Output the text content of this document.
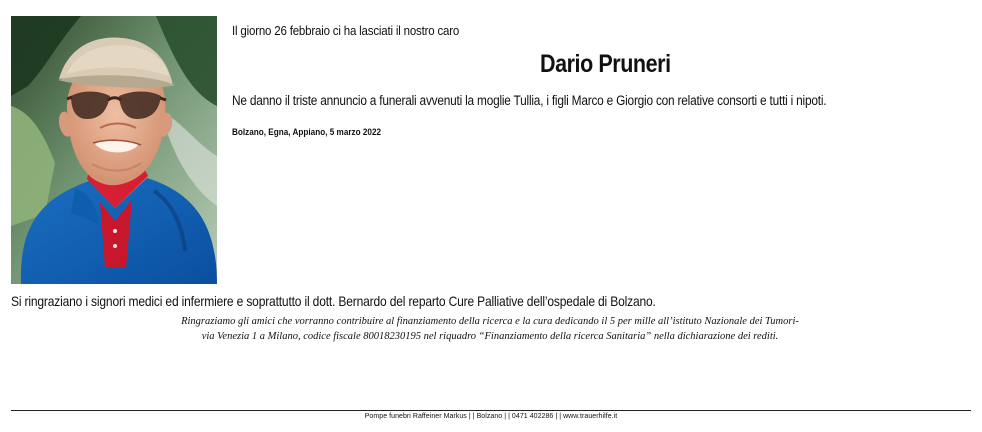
Il giorno 26 febbraio ci ha lasciati il nostro caro
Dario Pruneri
Ne danno il triste annuncio a funerali avvenuti la moglie Tullia, i figli Marco e Giorgio con relative consorti e tutti i nipoti.
Bolzano, Egna, Appiano, 5 marzo 2022
Si ringraziano i signori medici ed infermiere e soprattutto il dott. Bernardo del reparto Cure Palliative dell’ospedale di Bolzano.
Ringraziamo gli amici che vorranno contribuire al finanziamento della ricerca e la cura dedicando il 5 per mille all’istituto Nazionale dei Tumori-
via Venezia 1 a Milano, codice fiscale 80018230195 nel riquadro “Finanziamento della ricerca Sanitaria” nella dichiarazione dei rediti.
Pompe funebri Raffeiner Markus | | Bolzano | | 0471 402286 | | www.trauerhilfe.it
